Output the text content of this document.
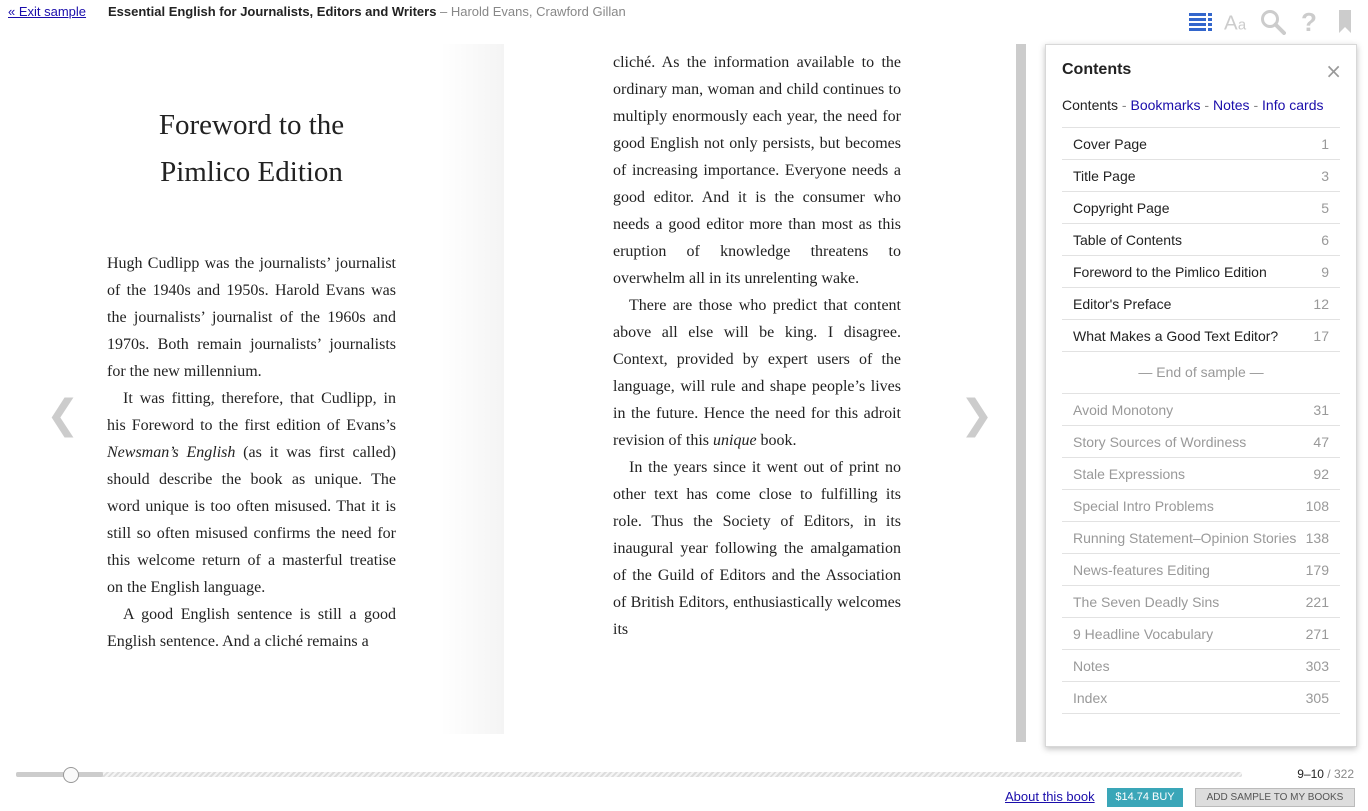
« Exit sample Essential English for Journalists, Editors and Writers – Harold Evans, Crawford Gillan
A a ?
Foreword to the
Pimlico Edition

Hugh Cudlipp was the journalists’ journalist of the 1940s and 1950s. Harold Evans was the journalists’ journalist of the 1960s and 1970s. Both remain journalists’ journalists for the new millennium.

It was fitting, therefore, that Cudlipp, in his Foreword to the first edition of Evans’s Newsman’s English (as it was first called) should describe the book as unique. The word unique is too often misused. That it is still so often misused confirms the need for this welcome return of a masterful treatise on the English language.

A good English sentence is still a good English sentence. And a cliché remains a

cliché. As the information available to the ordinary man, woman and child continues to multiply enormously each year, the need for good English not only persists, but becomes of increasing importance. Everyone needs a good editor. And it is the consumer who needs a good editor more than most as this eruption of knowledge threatens to overwhelm all in its unrelenting wake.

There are those who predict that content above all else will be king. I disagree. Context, provided by expert users of the language, will rule and shape people’s lives in the future. Hence the need for this adroit revision of this unique book.

In the years since it went out of print no other text has come close to fulfilling its role. Thus the Society of Editors, in its inaugural year following the amalgamation of the Guild of Editors and the Association of British Editors, enthusiastically welcomes its

❮	❯
Contents	×
Contents - Bookmarks - Notes - Info cards
Cover Page	1
Title Page	3
Copyright Page	5
Table of Contents	6
Foreword to the Pimlico Edition	9
Editor's Preface	12
What Makes a Good Text Editor?	17
— End of sample —
Avoid Monotony	31
Story Sources of Wordiness	47
Stale Expressions	92
Special Intro Problems	108
Running Statement–Opinion Stories 138
News-features Editing	179
The Seven Deadly Sins	221
9 Headline Vocabulary	271
Notes	303
Index	305
9–10 / 322
About this book	$14.74 BUY	ADD SAMPLE TO MY BOOKS
